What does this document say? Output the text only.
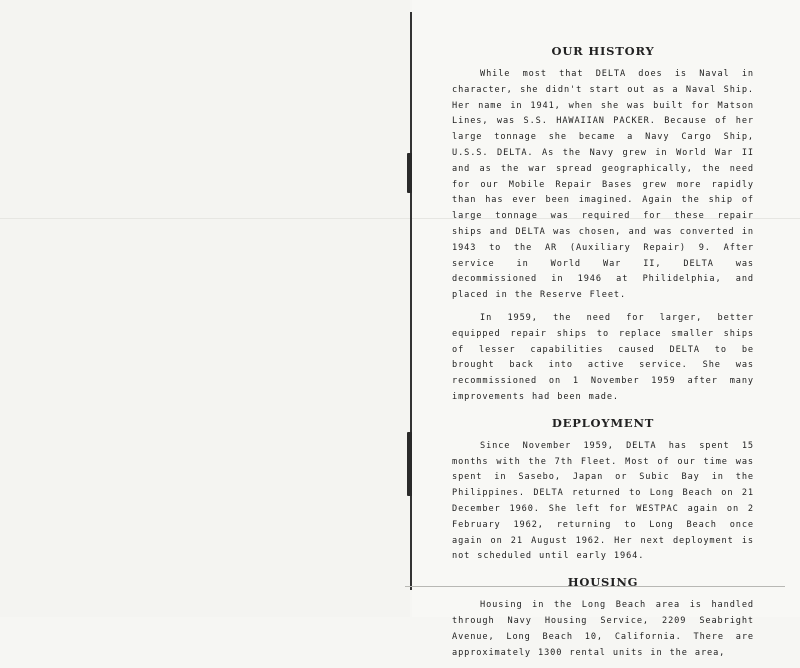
OUR HISTORY

While most that DELTA does is Naval in character, she didn't start out as a Naval Ship. Her name in 1941, when she was built for Matson Lines, was S.S. HAWAIIAN PACKER. Because of her large tonnage she became a Navy Cargo Ship, U.S.S. DELTA. As the Navy grew in World War II and as the war spread geographically, the need for our Mobile Repair Bases grew more rapidly than has ever been imagined. Again the ship of large tonnage was required for these repair ships and DELTA was chosen, and was converted in 1943 to the AR (Auxiliary Repair) 9. After service in World War II, DELTA was decommissioned in 1946 at Philidelphia, and placed in the Reserve Fleet.

In 1959, the need for larger, better equipped repair ships to replace smaller ships of lesser capabilities caused DELTA to be brought back into active service. She was recommissioned on 1 November 1959 after many improvements had been made.

DEPLOYMENT

Since November 1959, DELTA has spent 15 months with the 7th Fleet. Most of our time was spent in Sasebo, Japan or Subic Bay in the Philippines. DELTA returned to Long Beach on 21 December 1960. She left for WESTPAC again on 2 February 1962, returning to Long Beach once again on 21 August 1962. Her next deployment is not scheduled until early 1964.

HOUSING

Housing in the Long Beach area is handled through Navy Housing Service, 2209 Seabright Avenue, Long Beach 10, California. There are approximately 1300 rental units in the area,
